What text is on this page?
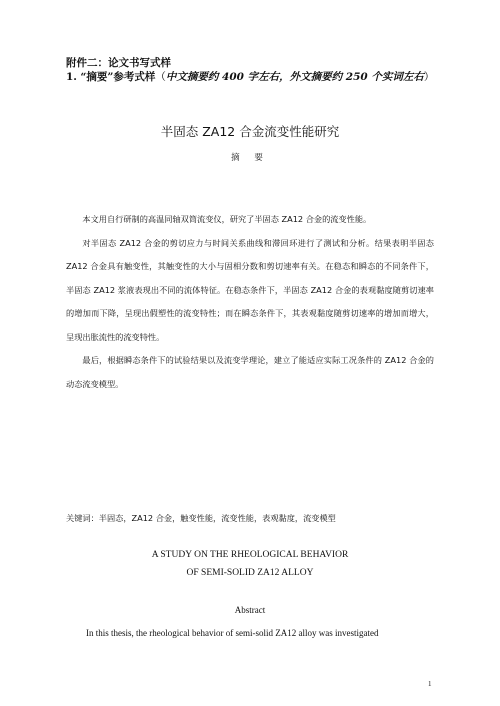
附件二：论文书写式样
1. “摘要”参考式样（中文摘要约 400 字左右，外文摘要约 250 个实词左右）
半固态 ZA12 合金流变性能研究
摘 要

本文用自行研制的高温同轴双筒流变仪，研究了半固态 ZA12 合金的流变性能。

对半固态 ZA12 合金的剪切应力与时间关系曲线和滞回环进行了测试和分析。结果表明半固态 ZA12 合金具有触变性，其触变性的大小与固相分数和剪切速率有关。在稳态和瞬态的不同条件下，半固态 ZA12 浆液表现出不同的流体特征。在稳态条件下，半固态 ZA12 合金的表观黏度随剪切速率的增加而下降，呈现出假塑性的流变特性；而在瞬态条件下，其表观黏度随剪切速率的增加而增大，呈现出胀流性的流变特性。

最后，根据瞬态条件下的试验结果以及流变学理论，建立了能适应实际工况条件的 ZA12 合金的动态流变模型。

关键词：半固态，ZA12 合金，触变性能，流变性能，表观黏度，流变模型
A STUDY ON THE RHEOLOGICAL BEHAVIOR
OF SEMI-SOLID ZA12 ALLOY
Abstract
In this thesis, the rheological behavior of semi-solid ZA12 alloy was investigated
1
